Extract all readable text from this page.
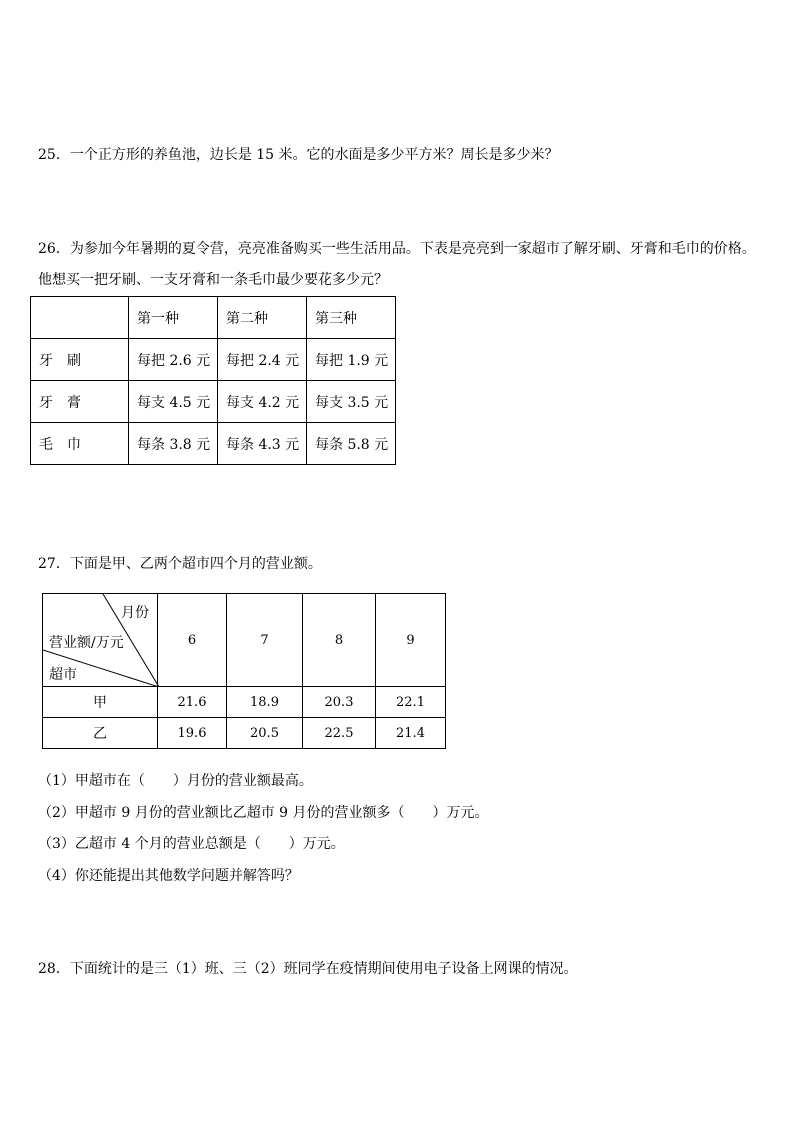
25．一个正方形的养鱼池，边长是 15 米。它的水面是多少平方米？周长是多少米？
26．为参加今年暑期的夏令营，亮亮准备购买一些生活用品。下表是亮亮到一家超市了解牙刷、牙膏和毛巾的价格。
他想买一把牙刷、一支牙膏和一条毛巾最少要花多少元？
	第一种	第二种	第三种
牙　刷	每把 2.6 元	每把 2.4 元	每把 1.9 元
牙　膏	每支 4.5 元	每支 4.2 元	每支 3.5 元
毛　巾	每条 3.8 元	每条 4.3 元	每条 5.8 元
27．下面是甲、乙两个超市四个月的营业额。
月份
营业额/万元
超市	6	7	8	9
甲	21.6	18.9	20.3	22.1
乙	19.6	20.5	22.5	21.4
（1）甲超市在（　　）月份的营业额最高。
（2）甲超市 9 月份的营业额比乙超市 9 月份的营业额多（　　）万元。
（3）乙超市 4 个月的营业总额是（　　）万元。
（4）你还能提出其他数学问题并解答吗？
28．下面统计的是三（1）班、三（2）班同学在疫情期间使用电子设备上网课的情况。
